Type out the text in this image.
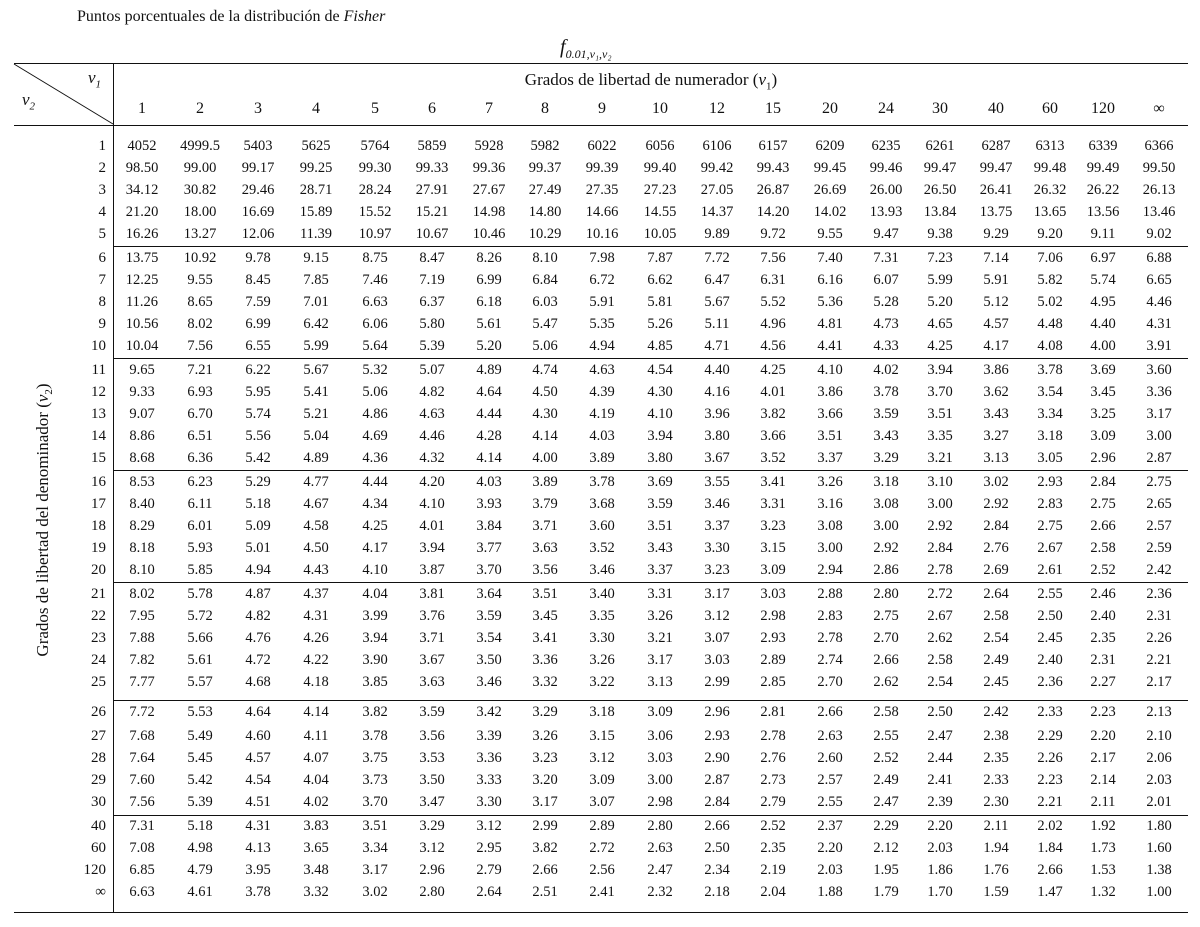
Puntos porcentuales de la distribución de Fisher
$f_{0.01,v_1,v_2}$
$v_1$
$v_2$
Grados de libertad de numerador $(v_1)$
Grados de libertad del denominador $(v_2)$
1	2	3	4	5	6	7	8	9	10	12	15	20	24	30	40	60	120	∞
1	4052	4999.5	5403	5625	5764	5859	5928	5982	6022	6056	6106	6157	6209	6235	6261	6287	6313	6339	6366
2	98.50	99.00	99.17	99.25	99.30	99.33	99.36	99.37	99.39	99.40	99.42	99.43	99.45	99.46	99.47	99.47	99.48	99.49	99.50
3	34.12	30.82	29.46	28.71	28.24	27.91	27.67	27.49	27.35	27.23	27.05	26.87	26.69	26.00	26.50	26.41	26.32	26.22	26.13
4	21.20	18.00	16.69	15.89	15.52	15.21	14.98	14.80	14.66	14.55	14.37	14.20	14.02	13.93	13.84	13.75	13.65	13.56	13.46
5	16.26	13.27	12.06	11.39	10.97	10.67	10.46	10.29	10.16	10.05	9.89	9.72	9.55	9.47	9.38	9.29	9.20	9.11	9.02
6	13.75	10.92	9.78	9.15	8.75	8.47	8.26	8.10	7.98	7.87	7.72	7.56	7.40	7.31	7.23	7.14	7.06	6.97	6.88
7	12.25	9.55	8.45	7.85	7.46	7.19	6.99	6.84	6.72	6.62	6.47	6.31	6.16	6.07	5.99	5.91	5.82	5.74	6.65
8	11.26	8.65	7.59	7.01	6.63	6.37	6.18	6.03	5.91	5.81	5.67	5.52	5.36	5.28	5.20	5.12	5.02	4.95	4.46
9	10.56	8.02	6.99	6.42	6.06	5.80	5.61	5.47	5.35	5.26	5.11	4.96	4.81	4.73	4.65	4.57	4.48	4.40	4.31
10	10.04	7.56	6.55	5.99	5.64	5.39	5.20	5.06	4.94	4.85	4.71	4.56	4.41	4.33	4.25	4.17	4.08	4.00	3.91
11	9.65	7.21	6.22	5.67	5.32	5.07	4.89	4.74	4.63	4.54	4.40	4.25	4.10	4.02	3.94	3.86	3.78	3.69	3.60
12	9.33	6.93	5.95	5.41	5.06	4.82	4.64	4.50	4.39	4.30	4.16	4.01	3.86	3.78	3.70	3.62	3.54	3.45	3.36
13	9.07	6.70	5.74	5.21	4.86	4.63	4.44	4.30	4.19	4.10	3.96	3.82	3.66	3.59	3.51	3.43	3.34	3.25	3.17
14	8.86	6.51	5.56	5.04	4.69	4.46	4.28	4.14	4.03	3.94	3.80	3.66	3.51	3.43	3.35	3.27	3.18	3.09	3.00
15	8.68	6.36	5.42	4.89	4.36	4.32	4.14	4.00	3.89	3.80	3.67	3.52	3.37	3.29	3.21	3.13	3.05	2.96	2.87
16	8.53	6.23	5.29	4.77	4.44	4.20	4.03	3.89	3.78	3.69	3.55	3.41	3.26	3.18	3.10	3.02	2.93	2.84	2.75
17	8.40	6.11	5.18	4.67	4.34	4.10	3.93	3.79	3.68	3.59	3.46	3.31	3.16	3.08	3.00	2.92	2.83	2.75	2.65
18	8.29	6.01	5.09	4.58	4.25	4.01	3.84	3.71	3.60	3.51	3.37	3.23	3.08	3.00	2.92	2.84	2.75	2.66	2.57
19	8.18	5.93	5.01	4.50	4.17	3.94	3.77	3.63	3.52	3.43	3.30	3.15	3.00	2.92	2.84	2.76	2.67	2.58	2.59
20	8.10	5.85	4.94	4.43	4.10	3.87	3.70	3.56	3.46	3.37	3.23	3.09	2.94	2.86	2.78	2.69	2.61	2.52	2.42
21	8.02	5.78	4.87	4.37	4.04	3.81	3.64	3.51	3.40	3.31	3.17	3.03	2.88	2.80	2.72	2.64	2.55	2.46	2.36
22	7.95	5.72	4.82	4.31	3.99	3.76	3.59	3.45	3.35	3.26	3.12	2.98	2.83	2.75	2.67	2.58	2.50	2.40	2.31
23	7.88	5.66	4.76	4.26	3.94	3.71	3.54	3.41	3.30	3.21	3.07	2.93	2.78	2.70	2.62	2.54	2.45	2.35	2.26
24	7.82	5.61	4.72	4.22	3.90	3.67	3.50	3.36	3.26	3.17	3.03	2.89	2.74	2.66	2.58	2.49	2.40	2.31	2.21
25	7.77	5.57	4.68	4.18	3.85	3.63	3.46	3.32	3.22	3.13	2.99	2.85	2.70	2.62	2.54	2.45	2.36	2.27	2.17
26	7.72	5.53	4.64	4.14	3.82	3.59	3.42	3.29	3.18	3.09	2.96	2.81	2.66	2.58	2.50	2.42	2.33	2.23	2.13
27	7.68	5.49	4.60	4.11	3.78	3.56	3.39	3.26	3.15	3.06	2.93	2.78	2.63	2.55	2.47	2.38	2.29	2.20	2.10
28	7.64	5.45	4.57	4.07	3.75	3.53	3.36	3.23	3.12	3.03	2.90	2.76	2.60	2.52	2.44	2.35	2.26	2.17	2.06
29	7.60	5.42	4.54	4.04	3.73	3.50	3.33	3.20	3.09	3.00	2.87	2.73	2.57	2.49	2.41	2.33	2.23	2.14	2.03
30	7.56	5.39	4.51	4.02	3.70	3.47	3.30	3.17	3.07	2.98	2.84	2.79	2.55	2.47	2.39	2.30	2.21	2.11	2.01
40	7.31	5.18	4.31	3.83	3.51	3.29	3.12	2.99	2.89	2.80	2.66	2.52	2.37	2.29	2.20	2.11	2.02	1.92	1.80
60	7.08	4.98	4.13	3.65	3.34	3.12	2.95	3.82	2.72	2.63	2.50	2.35	2.20	2.12	2.03	1.94	1.84	1.73	1.60
120	6.85	4.79	3.95	3.48	3.17	2.96	2.79	2.66	2.56	2.47	2.34	2.19	2.03	1.95	1.86	1.76	2.66	1.53	1.38
∞	6.63	4.61	3.78	3.32	3.02	2.80	2.64	2.51	2.41	2.32	2.18	2.04	1.88	1.79	1.70	1.59	1.47	1.32	1.00
